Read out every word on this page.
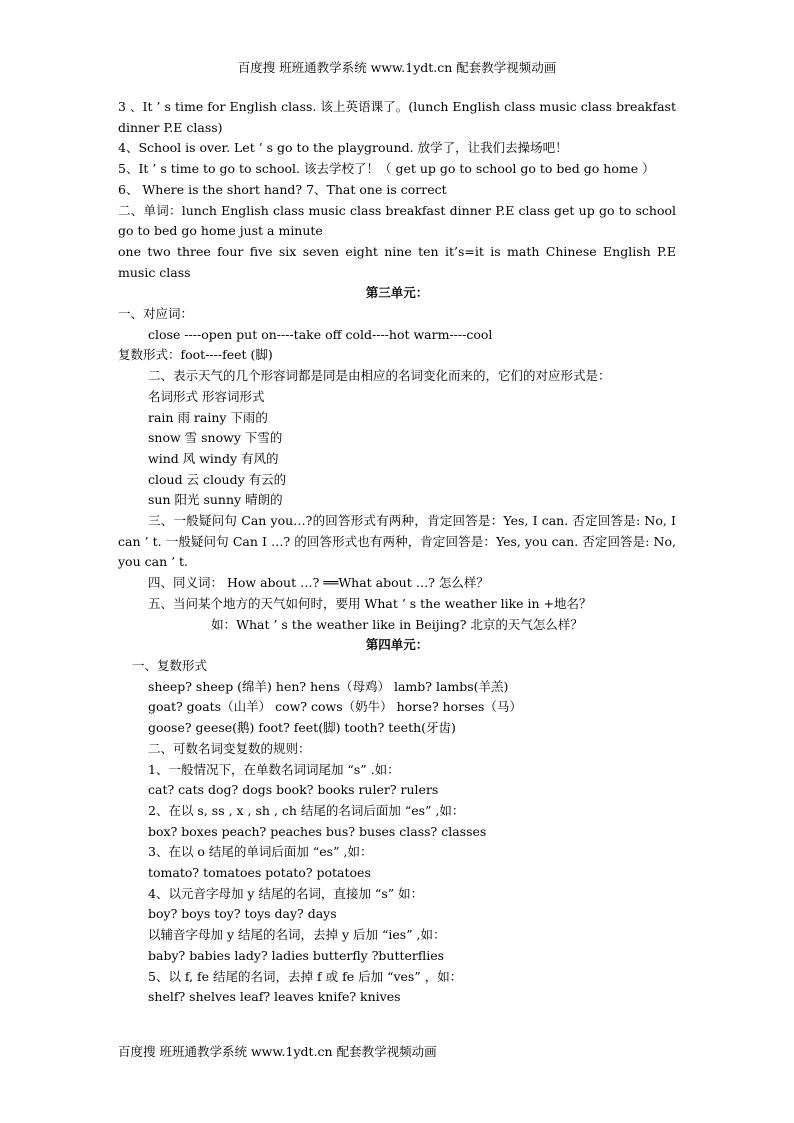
百度搜 班班通教学系统 www.1ydt.cn 配套教学视频动画
3 、It ’ s time for English class. 该上英语课了。(lunch English class music class breakfast dinner P.E class)
4、School is over. Let ’ s go to the playground. 放学了，让我们去操场吧！
5、It ’ s time to go to school. 该去学校了！（ get up go to school go to bed go home ）
6、 Where is the short hand? 7、That one is correct
二、单词：lunch English class music class breakfast dinner P.E class get up go to school go to bed go home just a minute
one two three four five six seven eight nine ten it’s=it is math Chinese English P.E music class
第三单元：
一、对应词：
close ----open put on----take off cold----hot warm----cool
复数形式：foot----feet (脚)
二、表示天气的几个形容词都是同是由相应的名词变化而来的，它们的对应形式是：
名词形式 形容词形式
rain 雨 rainy 下雨的
snow 雪 snowy 下雪的
wind 风 windy 有风的
cloud 云 cloudy 有云的
sun 阳光 sunny 晴朗的
三、一般疑问句 Can you…?的回答形式有两种，肯定回答是：Yes, I can. 否定回答是: No, I can ’ t. 一般疑问句 Can I …? 的回答形式也有两种，肯定回答是：Yes, you can. 否定回答是: No, you can ’ t.
四、同义词： How about …? ══What about …? 怎么样？
五、当问某个地方的天气如何时，要用 What ’ s the weather like in +地名？
如：What ’ s the weather like in Beijing? 北京的天气怎么样？
第四单元：
一、复数形式
sheep? sheep (绵羊) hen? hens（母鸡） lamb? lambs(羊羔)
goat? goats（山羊） cow? cows（奶牛） horse? horses（马）
goose? geese(鹅) foot? feet(脚) tooth? teeth(牙齿)
二、可数名词变复数的规则：
1、一般情况下，在单数名词词尾加 “s” .如：
cat? cats dog? dogs book? books ruler? rulers
2、在以 s, ss , x , sh , ch 结尾的名词后面加 “es” ,如：
box? boxes peach? peaches bus? buses class? classes
3、在以 o 结尾的单词后面加 “es” ,如：
tomato? tomatoes potato? potatoes
4、以元音字母加 y 结尾的名词，直接加 “s” 如：
boy? boys toy? toys day? days
以辅音字母加 y 结尾的名词，去掉 y 后加 “ies” ,如：
baby? babies lady? ladies butterfly ?butterflies
5、以 f, fe 结尾的名词，去掉 f 或 fe 后加 “ves” ，如：
shelf? shelves leaf? leaves knife? knives
百度搜 班班通教学系统 www.1ydt.cn 配套教学视频动画
